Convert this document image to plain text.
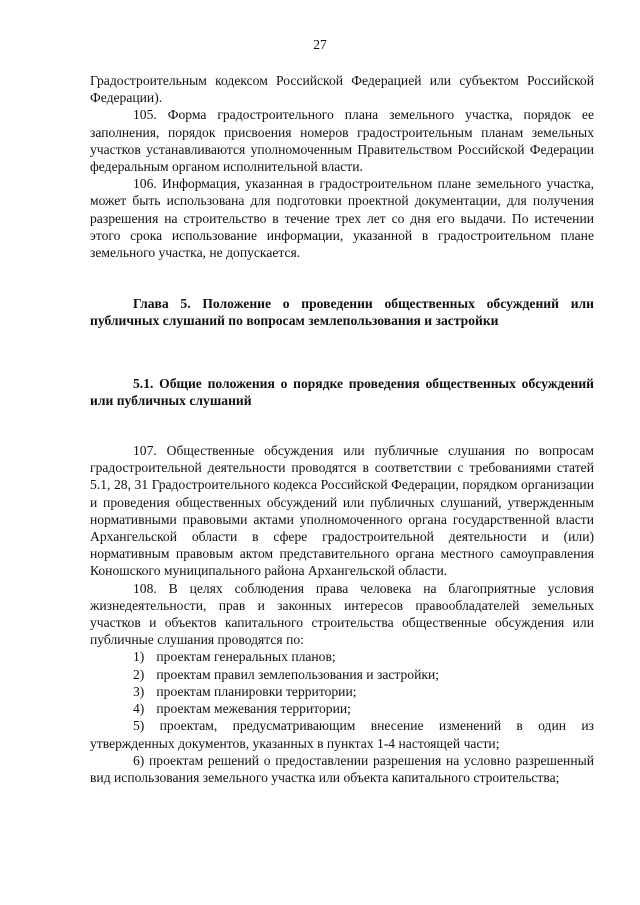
27

Градостроительным кодексом Российской Федерацией или субъектом Российской Федерации).

105. Форма градостроительного плана земельного участка, порядок ее заполнения, порядок присвоения номеров градостроительным планам земельных участков устанавливаются уполномоченным Правительством Российской Федерации федеральным органом исполнительной власти.

106. Информация, указанная в градостроительном плане земельного участка, может быть использована для подготовки проектной документации, для получения разрешения на строительство в течение трех лет со дня его выдачи. По истечении этого срока использование информации, указанной в градостроительном плане земельного участка, не допускается.

Глава 5. Положение о проведении общественных обсуждений или публичных слушаний по вопросам землепользования и застройки

5.1. Общие положения о порядке проведения общественных обсуждений или публичных слушаний

107. Общественные обсуждения или публичные слушания по вопросам градостроительной деятельности проводятся в соответствии с требованиями статей 5.1, 28, 31 Градостроительного кодекса Российской Федерации, порядком организации и проведения общественных обсуждений или публичных слушаний, утвержденным нормативными правовыми актами уполномоченного органа государственной власти Архангельской области в сфере градостроительной деятельности и (или) нормативным правовым актом представительного органа местного самоуправления Коношского муниципального района Архангельской области.

108. В целях соблюдения права человека на благоприятные условия жизнедеятельности, прав и законных интересов правообладателей земельных участков и объектов капитального строительства общественные обсуждения или публичные слушания проводятся по:

1) проектам генеральных планов;
2) проектам правил землепользования и застройки;
3) проектам планировки территории;
4) проектам межевания территории;
5) проектам, предусматривающим внесение изменений в один из утвержденных документов, указанных в пунктах 1-4 настоящей части;
6) проектам решений о предоставлении разрешения на условно разрешенный вид использования земельного участка или объекта капитального строительства;
